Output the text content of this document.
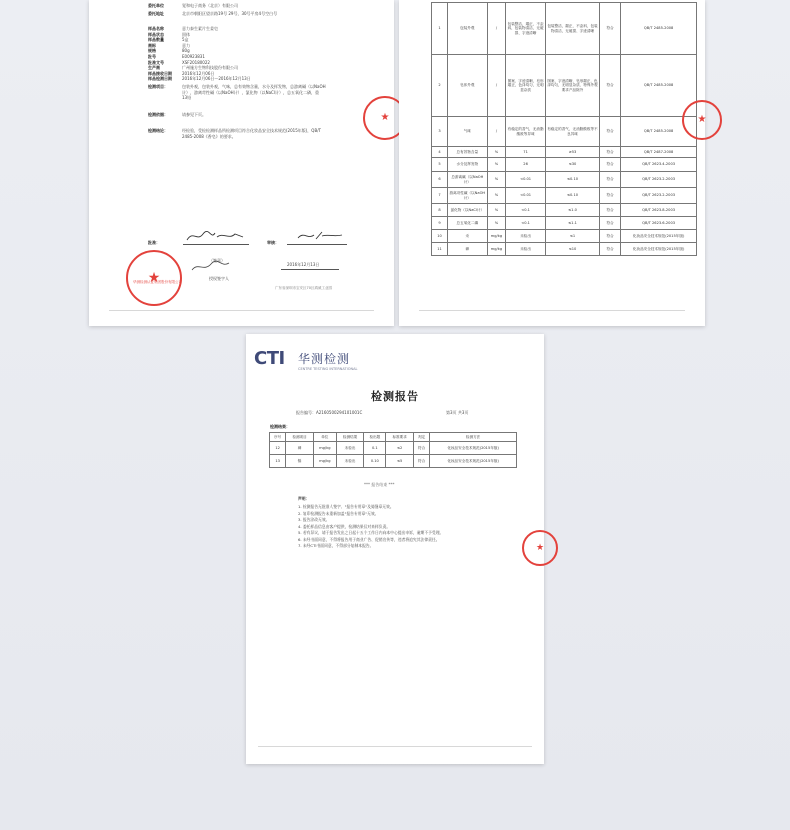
委托单位	觉和电子商务（北京）有限公司
委托地址	北京市朝阳区望京路19号 29号，30号平房4号空白号
样品名称	意力泰生素片生姜皂
样品状态	固体
样品数量	5盒
商标	意力
规格	80g
批号	E00923831
批准文号	XSF20180022
生产商	广州施方生物科技股份有限公司
样品接收日期	2016年12月06日
样品检测日期	2016年12月06日～2016年12月13日
检测项目：	包装外观，包装外观，气味，总有效物含量，水分及挥发物，总游离碱（以NaOH
计），游离苛性碱（以NaOH计），氯化物（以NaCl计），总五氧化二磷，重
13铅
检测依据：	请参见下页。
检测结论：	经检验，受检检测样品所检测项目符合化妆品安全技术规范(2015年版)，QB/T
2485-2008《香皂》的要求。
批准：	审核：
（签章）
授权签字人
2016年12月13日
★
华测检测认证集团股份有限公司
广东省深圳市宝安区70区鸿威工业园
★
1	包装外观	/	包装整洁，端正，不歪斜，包装物清洁，无破损、字迹清晰	包装整洁，端正，不歪斜，包装物清洁，无破损、字迹清晰	符合	QB/T 2485-2008
2	皂体外观	/	图案、字迹清晰，皂形端正，色泽均匀，无明显杂质	图案、字迹清晰，皂形端正，色泽均匀，无明显杂质、特殊外观要求产品除外	符合	QB/T 2485-2008
3	气味	/	有稳定的香气，无油脂酸败等异味	有稳定的香气，无油脂酸败等不良异味	符合	QB/T 2485-2008
4	总有效物含量	%	71	≥53	符合	QB/T 2487-2008
5	水分及挥发物	%	26	≤30	符合	QB/T 2623.4-2003
6	总游离碱（以NaOH计）	%	<0.01	≤0.10	符合	QB/T 2623.2-2003
7	游离苛性碱（以NaOH计）	%	<0.01	≤0.10	符合	QB/T 2623.2-2003
8	氯化物（以NaCl计）	%	<0.1	≤1.0	符合	QB/T 2623.8-2003
9	总五氧化二磷	%	<0.1	≤1.1	符合	QB/T 2623.6-2003
10	汞	mg/kg	未检出	≤1	符合	化妆品安全技术规范(2015年版)
11	砷	mg/kg	未检出	≤10	符合	化妆品安全技术规范(2015年版)
★
CTI 华测检测
CENTRE TESTING INTERNATIONAL
检测报告
报告编号：A2160500294101001C	第3页 共3页
检测结果：
序号	检测项目	单位	检测结果	检出限	标准要求	判定	检测方法
12	砷	mg/kg	未检出	0.1	≤2	符合	化妆品安全技术规范(2015年版)
13	镉	mg/kg	未检出	0.10	≤5	符合	化妆品安全技术规范(2015年版)
*** 报告结束 ***
声明：
1. 检测报告无批准人签字、"报告专用章"及骑缝章无效。
2. 复印检测报告未重新加盖"报告专用章"无效。
3. 报告涂改无效。
4. 委托样品信息由客户提供，检测结果仅对来样负责。
5. 若有异议，请于报告发出之日起十五个工作日内向本中心提出申诉，逾期不予受理。
6. 未经书面同意，不得将报告用于商业广告、促销宣传等，违者将追究其法律责任。
7. 未经CTI书面同意，不得部分复制本报告。	★
